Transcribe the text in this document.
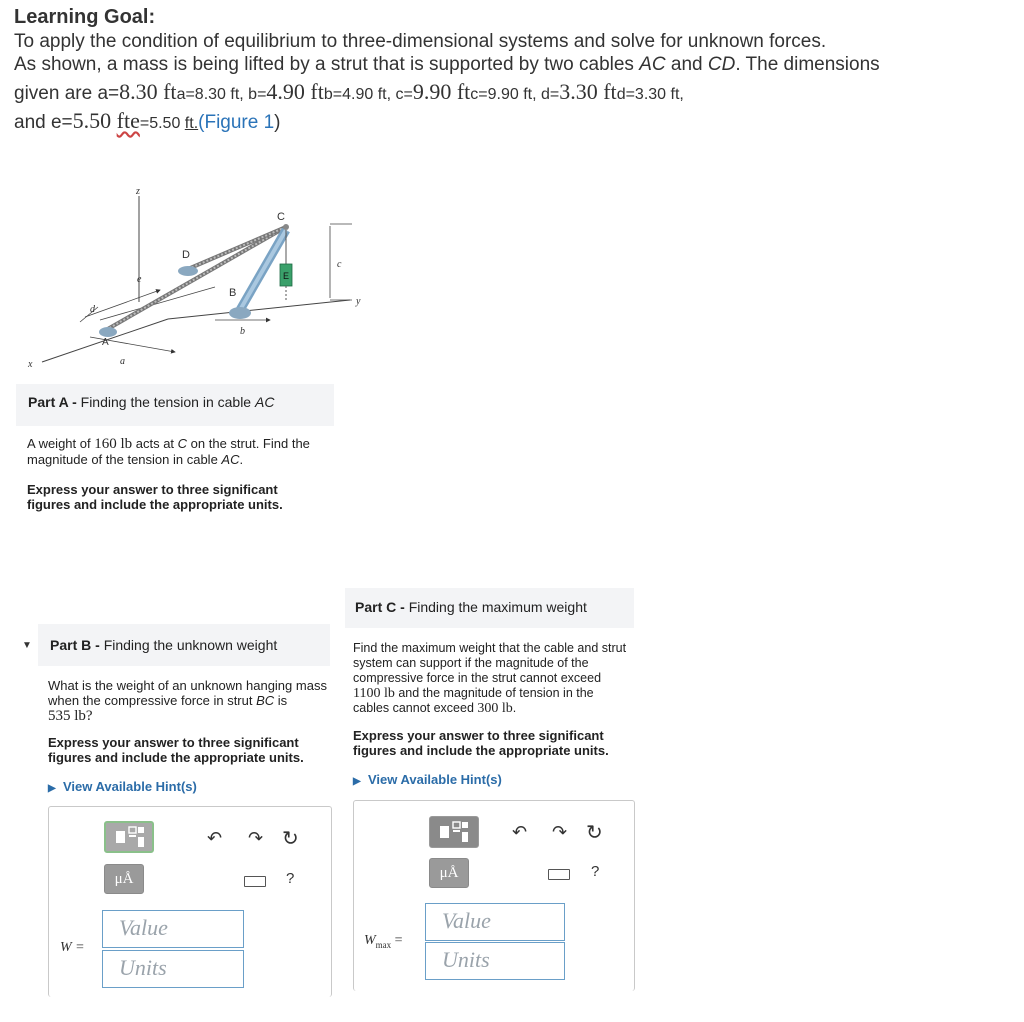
Learning Goal:
To apply the condition of equilibrium to three-dimensional systems and solve for unknown forces.
As shown, a mass is being lifted by a strut that is supported by two cables AC and CD. The dimensions
given are a=8.30 fta=8.30 ft, b=4.90 ftb=4.90 ft, c=9.90 ftc=9.90 ft, d=3.30 ftd=3.30 ft,
and e=5.50 fte=5.50 ft.(Figure 1)
z
C
D
e
B
E
c
y
d
A
a
b
x
Part A - Finding the tension in cable AC
A weight of 160 lb acts at C on the strut. Find the
magnitude of the tension in cable AC.
Express your answer to three significant
figures and include the appropriate units.
▼	Part B - Finding the unknown weight
What is the weight of an unknown hanging mass
when the compressive force in strut BC is
535 lb?
Express your answer to three significant
figures and include the appropriate units.
▶ View Available Hint(s)
↶ ↷ ↻
μÅ	?
W =
Value
Units
Part C - Finding the maximum weight
Find the maximum weight that the cable and strut
system can support if the magnitude of the
compressive force in the strut cannot exceed
1100 lb and the magnitude of tension in the
cables cannot exceed 300 lb.
Express your answer to three significant
figures and include the appropriate units.
▶ View Available Hint(s)
↶ ↷ ↻
μÅ	?
$W_{max}$ =
Value
Units
